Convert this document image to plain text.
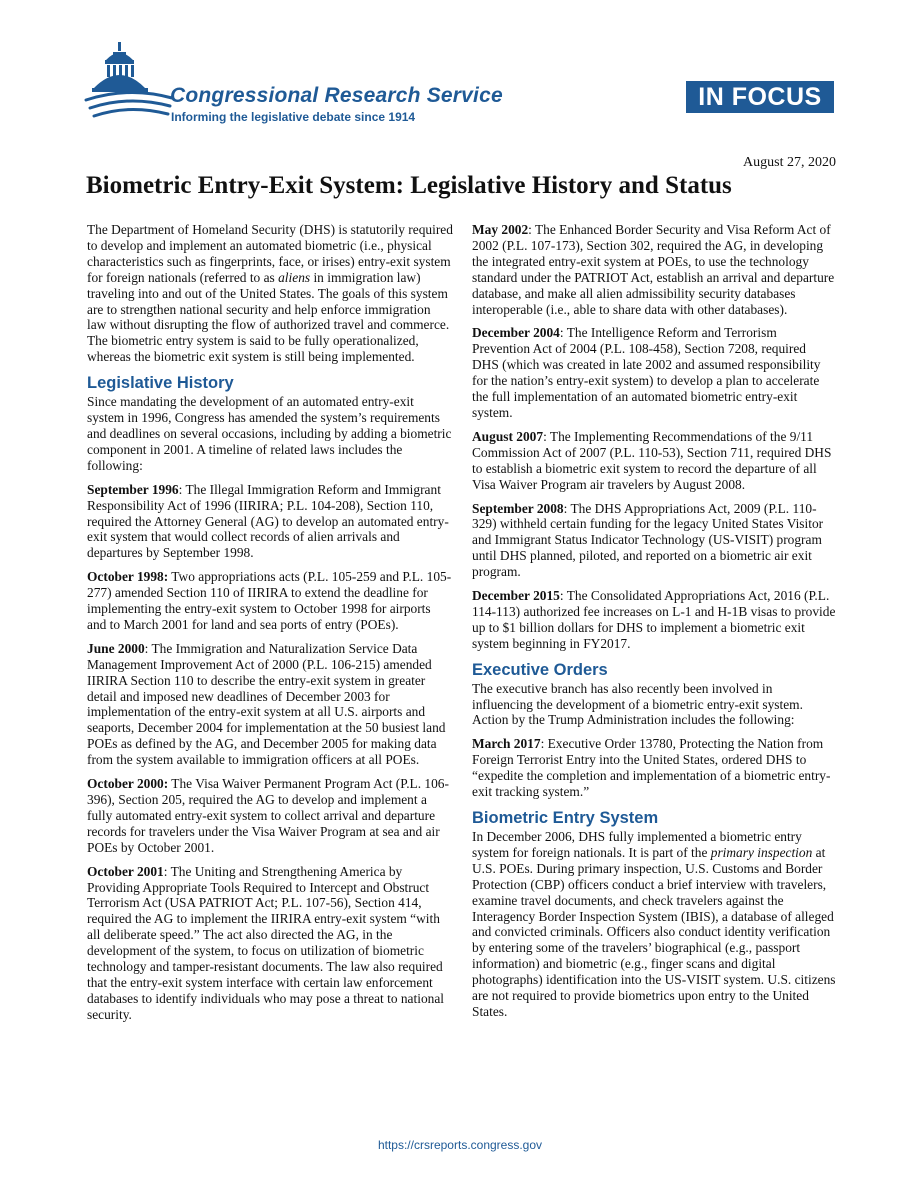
Congressional Research Service
Informing the legislative debate since 1914
IN FOCUS
August 27, 2020
Biometric Entry-Exit System: Legislative History and Status

The Department of Homeland Security (DHS) is statutorily required to develop and implement an automated biometric (i.e., physical characteristics such as fingerprints, face, or irises) entry-exit system for foreign nationals (referred to as aliens in immigration law) traveling into and out of the United States. The goals of this system are to strengthen national security and help enforce immigration law without disrupting the flow of authorized travel and commerce. The biometric entry system is said to be fully operationalized, whereas the biometric exit system is still being implemented.

Legislative History

Since mandating the development of an automated entry-exit system in 1996, Congress has amended the system’s requirements and deadlines on several occasions, including by adding a biometric component in 2001. A timeline of related laws includes the following:

September 1996: The Illegal Immigration Reform and Immigrant Responsibility Act of 1996 (IIRIRA; P.L. 104-208), Section 110, required the Attorney General (AG) to develop an automated entry-exit system that would collect records of alien arrivals and departures by September 1998.

October 1998: Two appropriations acts (P.L. 105-259 and P.L. 105-277) amended Section 110 of IIRIRA to extend the deadline for implementing the entry-exit system to October 1998 for airports and to March 2001 for land and sea ports of entry (POEs).

June 2000: The Immigration and Naturalization Service Data Management Improvement Act of 2000 (P.L. 106-215) amended IIRIRA Section 110 to describe the entry-exit system in greater detail and imposed new deadlines of December 2003 for implementation of the entry-exit system at all U.S. airports and seaports, December 2004 for implementation at the 50 busiest land POEs as defined by the AG, and December 2005 for making data from the system available to immigration officers at all POEs.

October 2000: The Visa Waiver Permanent Program Act (P.L. 106-396), Section 205, required the AG to develop and implement a fully automated entry-exit system to collect arrival and departure records for travelers under the Visa Waiver Program at sea and air POEs by October 2001.

October 2001: The Uniting and Strengthening America by Providing Appropriate Tools Required to Intercept and Obstruct Terrorism Act (USA PATRIOT Act; P.L. 107-56), Section 414, required the AG to implement the IIRIRA entry-exit system “with all deliberate speed.” The act also directed the AG, in the development of the system, to focus on utilization of biometric technology and tamper-resistant documents. The law also required that the entry-exit system interface with certain law enforcement databases to identify individuals who may pose a threat to national security.

May 2002: The Enhanced Border Security and Visa Reform Act of 2002 (P.L. 107-173), Section 302, required the AG, in developing the integrated entry-exit system at POEs, to use the technology standard under the PATRIOT Act, establish an arrival and departure database, and make all alien admissibility security databases interoperable (i.e., able to share data with other databases).

December 2004: The Intelligence Reform and Terrorism Prevention Act of 2004 (P.L. 108-458), Section 7208, required DHS (which was created in late 2002 and assumed responsibility for the nation’s entry-exit system) to develop a plan to accelerate the full implementation of an automated biometric entry-exit system.

August 2007: The Implementing Recommendations of the 9/11 Commission Act of 2007 (P.L. 110-53), Section 711, required DHS to establish a biometric exit system to record the departure of all Visa Waiver Program air travelers by August 2008.

September 2008: The DHS Appropriations Act, 2009 (P.L. 110-329) withheld certain funding for the legacy United States Visitor and Immigrant Status Indicator Technology (US-VISIT) program until DHS planned, piloted, and reported on a biometric air exit program.

December 2015: The Consolidated Appropriations Act, 2016 (P.L. 114-113) authorized fee increases on L-1 and H-1B visas to provide up to $1 billion dollars for DHS to implement a biometric exit system beginning in FY2017.

Executive Orders

The executive branch has also recently been involved in influencing the development of a biometric entry-exit system. Action by the Trump Administration includes the following:

March 2017: Executive Order 13780, Protecting the Nation from Foreign Terrorist Entry into the United States, ordered DHS to “expedite the completion and implementation of a biometric entry-exit tracking system.”

Biometric Entry System

In December 2006, DHS fully implemented a biometric entry system for foreign nationals. It is part of the primary inspection at U.S. POEs. During primary inspection, U.S. Customs and Border Protection (CBP) officers conduct a brief interview with travelers, examine travel documents, and check travelers against the Interagency Border Inspection System (IBIS), a database of alleged and convicted criminals. Officers also conduct identity verification by entering some of the travelers’ biographical (e.g., passport information) and biometric (e.g., finger scans and digital photographs) identification into the US-VISIT system. U.S. citizens are not required to provide biometrics upon entry to the United States.

https://crsreports.congress.gov
